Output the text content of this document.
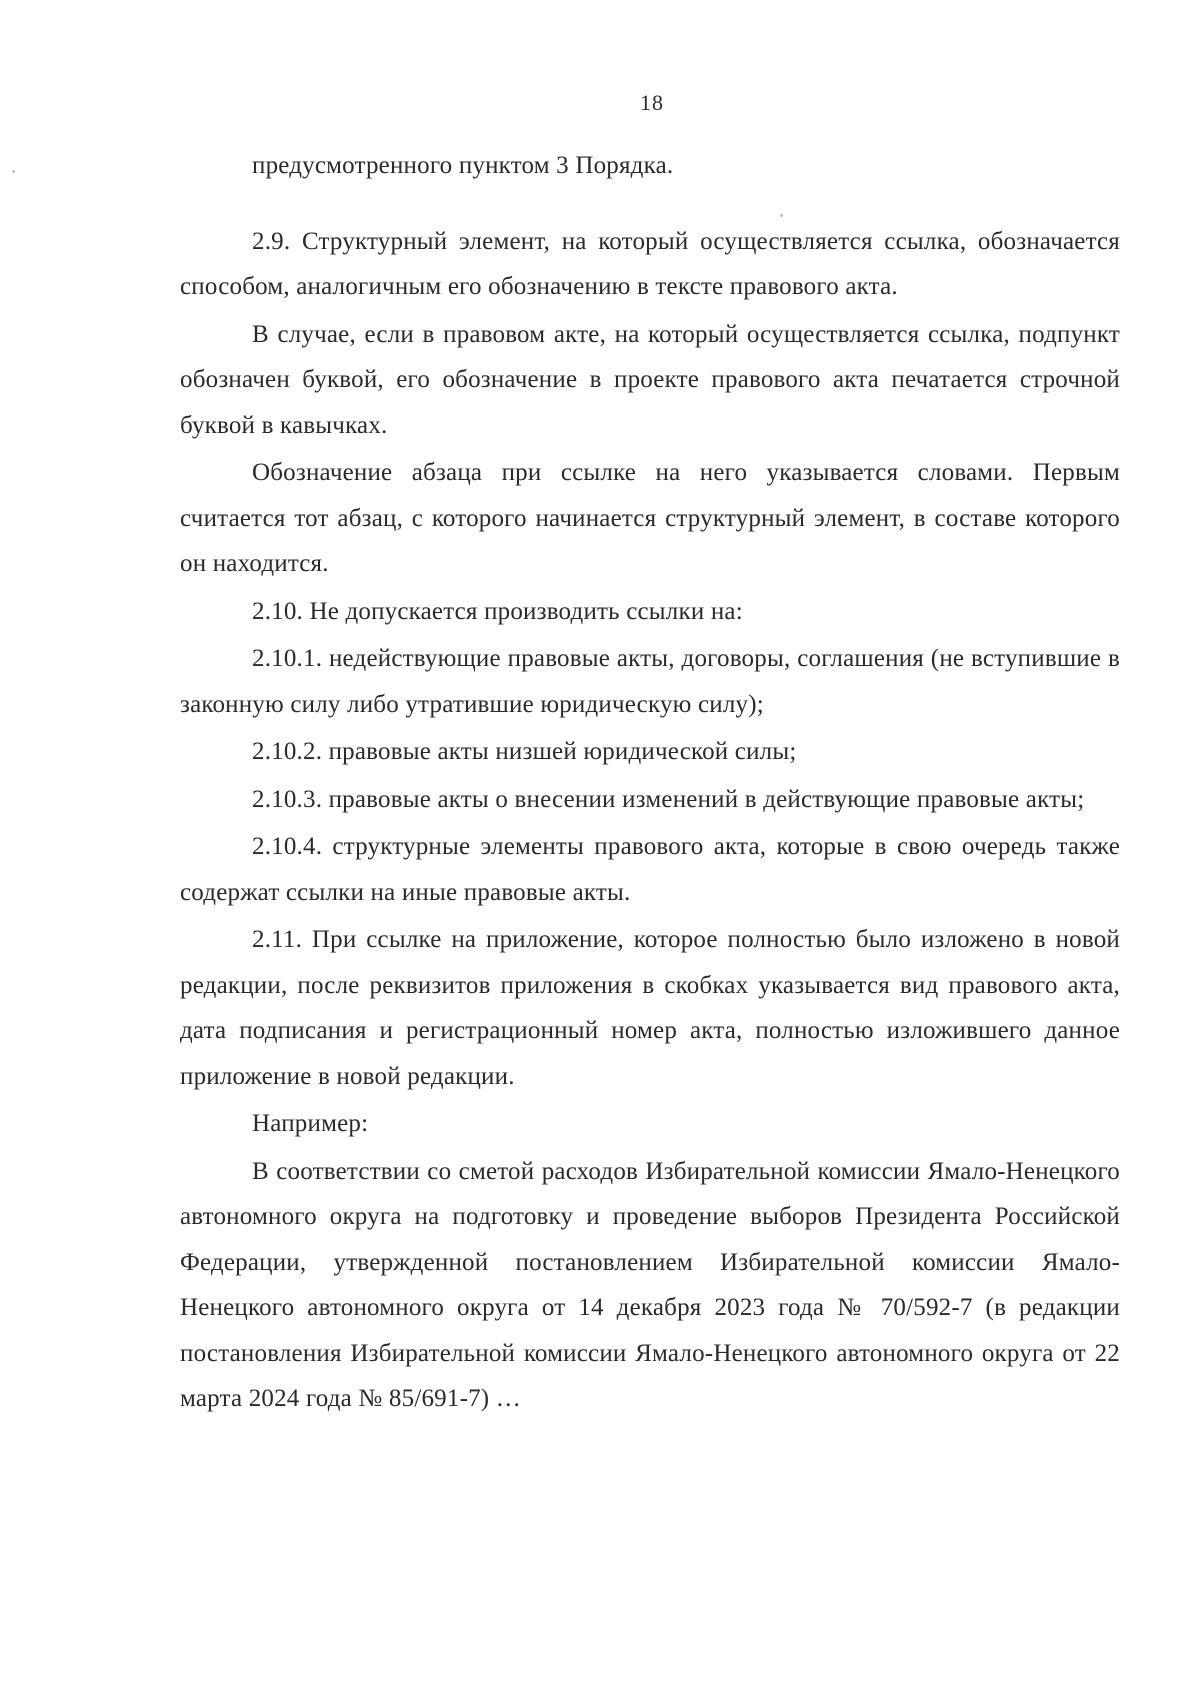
18

предусмотренного пунктом 3 Порядка.

2.9. Структурный элемент, на который осуществляется ссылка, обозначается способом, аналогичным его обозначению в тексте правового акта.

В случае, если в правовом акте, на который осуществляется ссылка, подпункт обозначен буквой, его обозначение в проекте правового акта печатается строчной буквой в кавычках.

Обозначение абзаца при ссылке на него указывается словами. Первым считается тот абзац, с которого начинается структурный элемент, в составе которого он находится.

2.10. Не допускается производить ссылки на:

2.10.1. недействующие правовые акты, договоры, соглашения (не вступившие в законную силу либо утратившие юридическую силу);

2.10.2. правовые акты низшей юридической силы;

2.10.3. правовые акты о внесении изменений в действующие правовые акты;

2.10.4. структурные элементы правового акта, которые в свою очередь также содержат ссылки на иные правовые акты.

2.11. При ссылке на приложение, которое полностью было изложено в новой редакции, после реквизитов приложения в скобках указывается вид правового акта, дата подписания и регистрационный номер акта, полностью изложившего данное приложение в новой редакции.

Например:

В соответствии со сметой расходов Избирательной комиссии Ямало-Ненецкого автономного округа на подготовку и проведение выборов Президента Российской Федерации, утвержденной постановлением Избирательной комиссии Ямало-Ненецкого автономного округа от 14 декабря 2023 года № 70/592-7 (в редакции постановления Избирательной комиссии Ямало-Ненецкого автономного округа от 22 марта 2024 года № 85/691-7) …
